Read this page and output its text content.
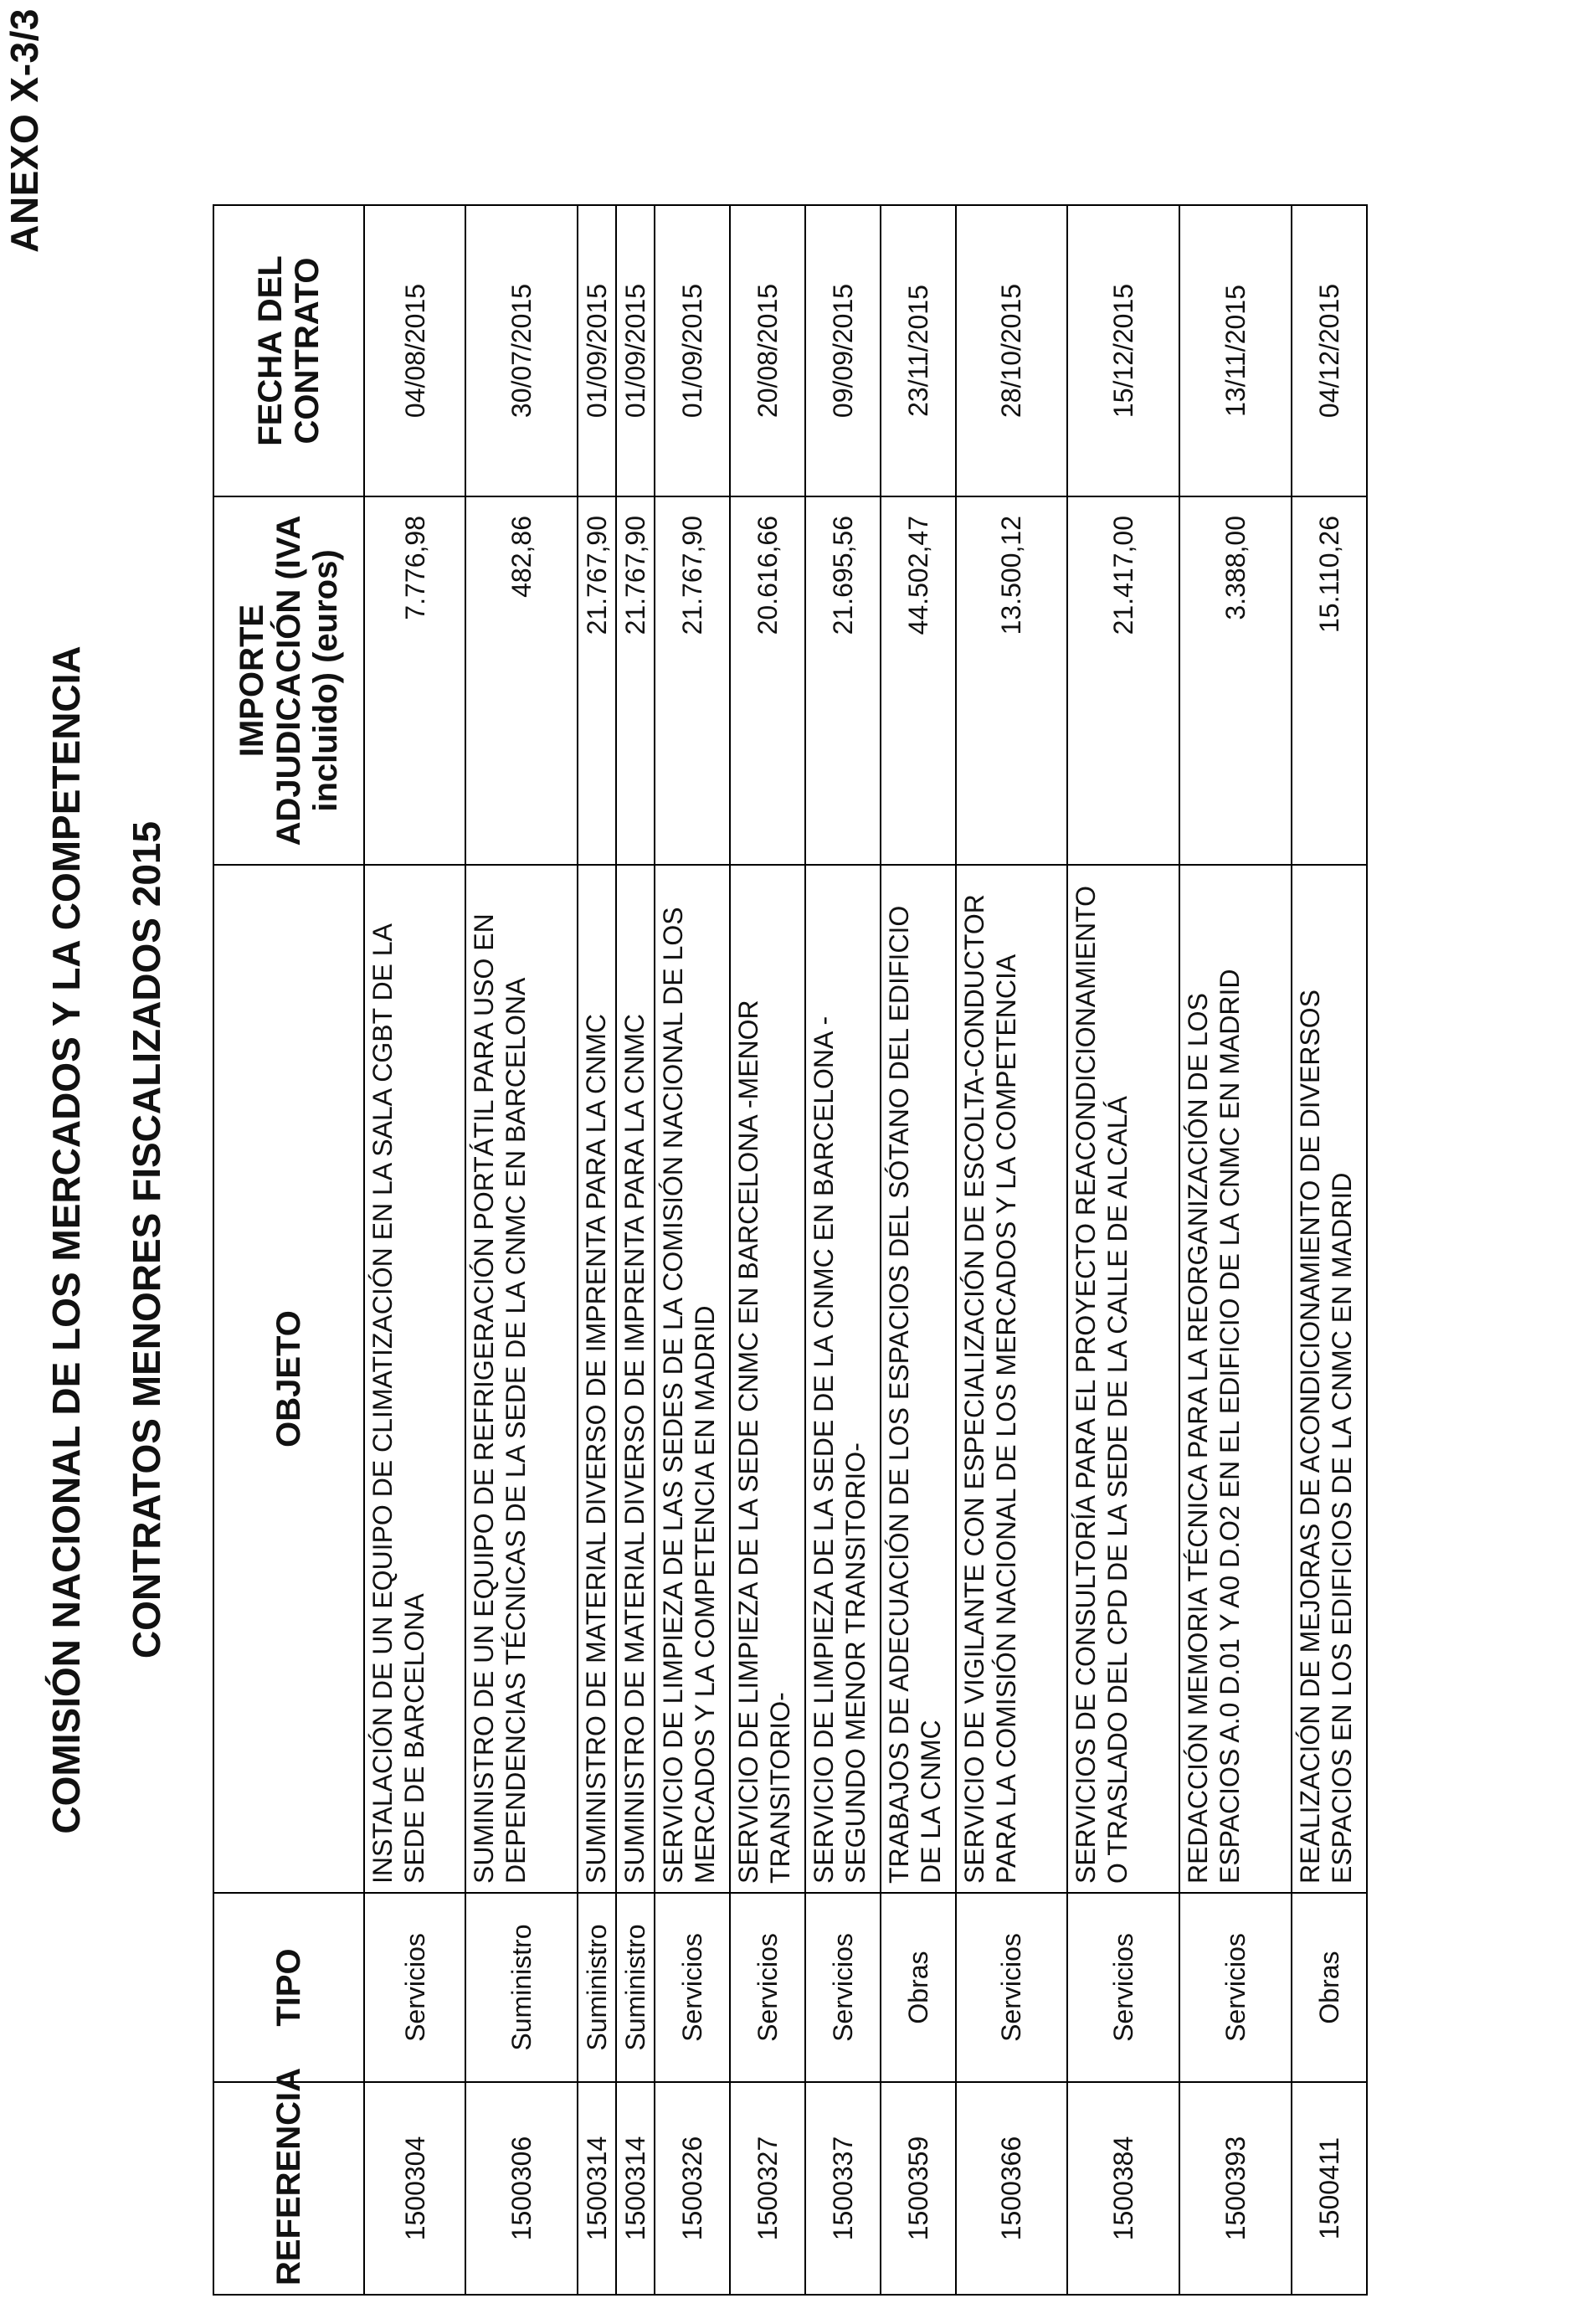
ANEXO X-3/3
COMISIÓN NACIONAL DE LOS MERCADOS Y LA COMPETENCIA CONTRATOS MENORES FISCALIZADOS 2015
REFERENCIA	TIPO	OBJETO	IMPORTE ADJUDICACIÓN (IVA incluido) (euros)	FECHA DEL CONTRATO
1500304	Servicios	INSTALACIÓN DE UN EQUIPO DE CLIMATIZACIÓN EN LA SALA CGBT DE LA SEDE DE BARCELONA	7.776,98	04/08/2015
1500306	Suministro	SUMINISTRO DE UN EQUIPO DE REFRIGERACIÓN PORTÁTIL PARA USO EN DEPENDENCIAS TÉCNICAS DE LA SEDE DE LA CNMC EN BARCELONA	482,86	30/07/2015
1500314	Suministro	SUMINISTRO DE MATERIAL DIVERSO DE IMPRENTA PARA LA CNMC	21.767,90	01/09/2015
1500314	Suministro	SUMINISTRO DE MATERIAL DIVERSO DE IMPRENTA PARA LA CNMC	21.767,90	01/09/2015
1500326	Servicios	SERVICIO DE LIMPIEZA DE LAS SEDES DE LA COMISIÓN NACIONAL DE LOS MERCADOS Y LA COMPETENCIA EN MADRID	21.767,90	01/09/2015
1500327	Servicios	SERVICIO DE LIMPIEZA DE LA SEDE CNMC EN BARCELONA -MENOR TRANSITORIO-	20.616,66	20/08/2015
1500337	Servicios	SERVICIO DE LIMPIEZA DE LA SEDE DE LA CNMC EN BARCELONA - SEGUNDO MENOR TRANSITORIO-	21.695,56	09/09/2015
1500359	Obras	TRABAJOS DE ADECUACIÓN DE LOS ESPACIOS DEL SÓTANO DEL EDIFICIO DE LA CNMC	44.502,47	23/11/2015
1500366	Servicios	SERVICIO DE VIGILANTE CON ESPECIALIZACIÓN DE ESCOLTA-CONDUCTOR PARA LA COMISIÓN NACIONAL DE LOS MERCADOS Y LA COMPETENCIA	13.500,12	28/10/2015
1500384	Servicios	SERVICIOS DE CONSULTORÍA PARA EL PROYECTO REACONDICIONAMIENTO O TRASLADO DEL CPD DE LA SEDE DE LA CALLE DE ALCALÁ	21.417,00	15/12/2015
1500393	Servicios	REDACCIÓN MEMORIA TÉCNICA PARA LA REORGANIZACIÓN DE LOS ESPACIOS A.0 D.01 Y A0 D.O2 EN EL EDIFICIO DE LA CNMC EN MADRID	3.388,00	13/11/2015
1500411	Obras	REALIZACIÓN DE MEJORAS DE ACONDICIONAMIENTO DE DIVERSOS ESPACIOS EN LOS EDIFICIOS DE LA CNMC EN MADRID	15.110,26	04/12/2015
